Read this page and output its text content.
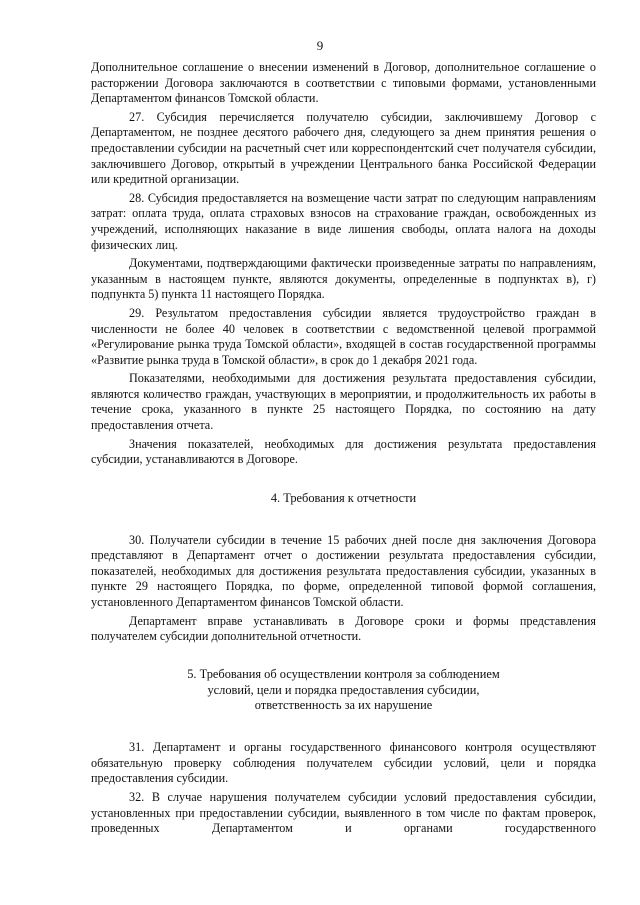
9

Дополнительное соглашение о внесении изменений в Договор, дополнительное соглашение о расторжении Договора заключаются в соответствии с типовыми формами, установленными Департаментом финансов Томской области.

27. Субсидия перечисляется получателю субсидии, заключившему Договор с Департаментом, не позднее десятого рабочего дня, следующего за днем принятия решения о предоставлении субсидии на расчетный счет или корреспондентский счет получателя субсидии, заключившего Договор, открытый в учреждении Центрального банка Российской Федерации или кредитной организации.

28. Субсидия предоставляется на возмещение части затрат по следующим направлениям затрат: оплата труда, оплата страховых взносов на страхование граждан, освобожденных из учреждений, исполняющих наказание в виде лишения свободы, оплата налога на доходы физических лиц.

Документами, подтверждающими фактически произведенные затраты по направлениям, указанным в настоящем пункте, являются документы, определенные в подпунктах в), г) подпункта 5) пункта 11 настоящего Порядка.

29. Результатом предоставления субсидии является трудоустройство граждан в численности не более 40 человек в соответствии с ведомственной целевой программой «Регулирование рынка труда Томской области», входящей в состав государственной программы «Развитие рынка труда в Томской области», в срок до 1 декабря 2021 года.

Показателями, необходимыми для достижения результата предоставления субсидии, являются количество граждан, участвующих в мероприятии, и продолжительность их работы в течение срока, указанного в пункте 25 настоящего Порядка, по состоянию на дату предоставления отчета.

Значения показателей, необходимых для достижения результата предоставления субсидии, устанавливаются в Договоре.

4. Требования к отчетности

30. Получатели субсидии в течение 15 рабочих дней после дня заключения Договора представляют в Департамент отчет о достижении результата предоставления субсидии, показателей, необходимых для достижения результата предоставления субсидии, указанных в пункте 29 настоящего Порядка, по форме, определенной типовой формой соглашения, установленного Департаментом финансов Томской области.

Департамент вправе устанавливать в Договоре сроки и формы представления получателем субсидии дополнительной отчетности.

5. Требования об осуществлении контроля за соблюдением
условий, цели и порядка предоставления субсидии,
ответственность за их нарушение

31. Департамент и органы государственного финансового контроля осуществляют обязательную проверку соблюдения получателем субсидии условий, цели и порядка предоставления субсидии.

32. В случае нарушения получателем субсидии условий предоставления субсидии, установленных при предоставлении субсидии, выявленного в том числе по фактам проверок, проведенных Департаментом и органами государственного
